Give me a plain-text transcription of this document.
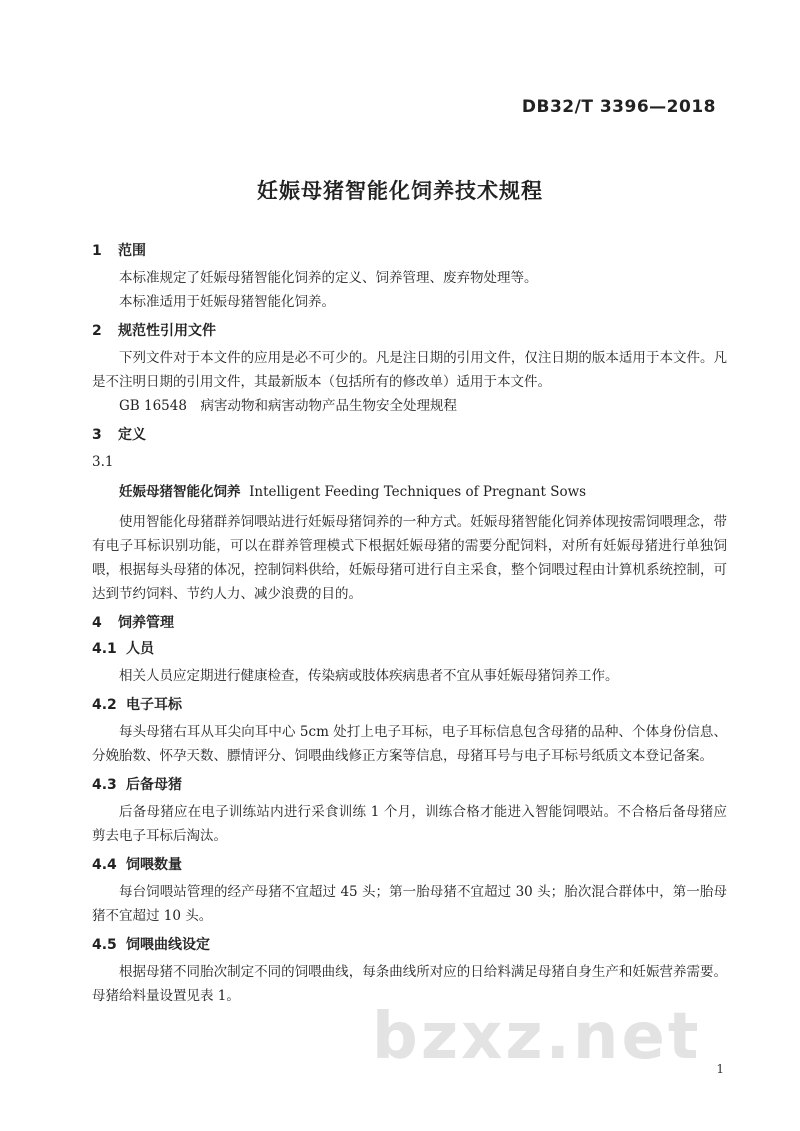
DB32/T 3396—2018
妊娠母猪智能化饲养技术规程
1 范围

本标准规定了妊娠母猪智能化饲养的定义、饲养管理、废弃物处理等。

本标准适用于妊娠母猪智能化饲养。

2 规范性引用文件

下列文件对于本文件的应用是必不可少的。凡是注日期的引用文件，仅注日期的版本适用于本文件。凡是不注明日期的引用文件，其最新版本（包括所有的修改单）适用于本文件。

GB 16548　病害动物和病害动物产品生物安全处理规程

3 定义

3.1

妊娠母猪智能化饲养 Intelligent Feeding Techniques of Pregnant Sows

使用智能化母猪群养饲喂站进行妊娠母猪饲养的一种方式。妊娠母猪智能化饲养体现按需饲喂理念，带有电子耳标识别功能，可以在群养管理模式下根据妊娠母猪的需要分配饲料，对所有妊娠母猪进行单独饲喂，根据每头母猪的体况，控制饲料供给，妊娠母猪可进行自主采食，整个饲喂过程由计算机系统控制，可达到节约饲料、节约人力、减少浪费的目的。

4 饲养管理
4.1 人员

相关人员应定期进行健康检查，传染病或肢体疾病患者不宜从事妊娠母猪饲养工作。

4.2 电子耳标

每头母猪右耳从耳尖向耳中心 5cm 处打上电子耳标，电子耳标信息包含母猪的品种、个体身份信息、分娩胎数、怀孕天数、膘情评分、饲喂曲线修正方案等信息，母猪耳号与电子耳标号纸质文本登记备案。

4.3 后备母猪

后备母猪应在电子训练站内进行采食训练 1 个月，训练合格才能进入智能饲喂站。不合格后备母猪应剪去电子耳标后淘汰。

4.4 饲喂数量

每台饲喂站管理的经产母猪不宜超过 45 头；第一胎母猪不宜超过 30 头；胎次混合群体中，第一胎母猪不宜超过 10 头。

4.5 饲喂曲线设定

根据母猪不同胎次制定不同的饲喂曲线，每条曲线所对应的日给料满足母猪自身生产和妊娠营养需要。母猪给料量设置见表 1。

bzxz.net 1
